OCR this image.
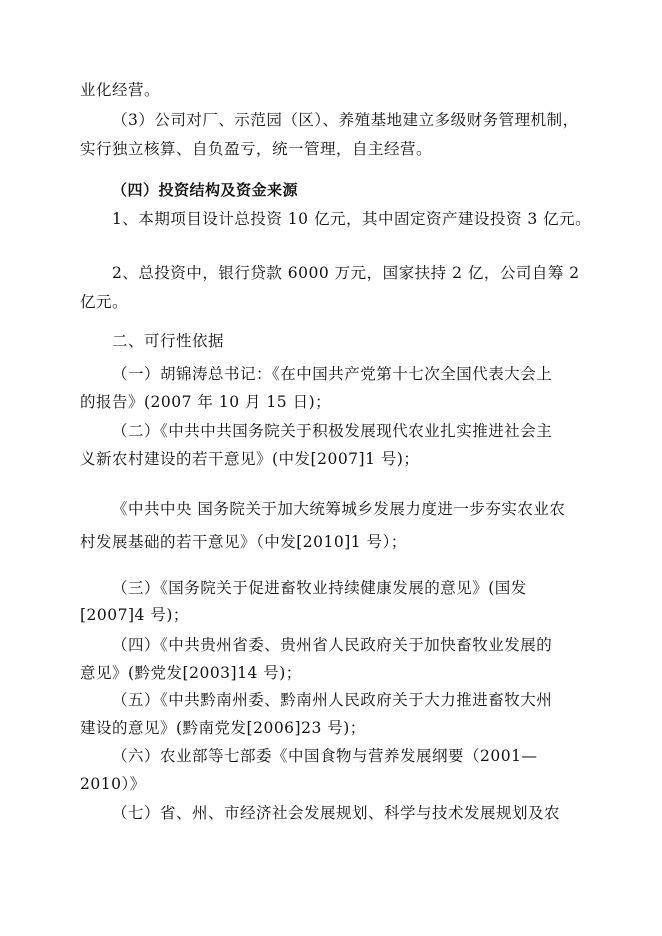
业化经营。
（3）公司对厂、示范园（区）、养殖基地建立多级财务管理机制，
实行独立核算、自负盈亏，统一管理，自主经营。
（四）投资结构及资金来源
1、本期项目设计总投资 10 亿元，其中固定资产建设投资 3 亿元。
2、总投资中，银行贷款 6000 万元，国家扶持 2 亿，公司自筹 2
亿元。
二、可行性依据
（一）胡锦涛总书记：《在中国共产党第十七次全国代表大会上
的报告》(2007 年 10 月 15 日)；
（二）《中共中共国务院关于积极发展现代农业扎实推进社会主
义新农村建设的若干意见》(中发[2007]1 号)；
《中共中央 国务院关于加大统筹城乡发展力度进一步夯实农业农
村发展基础的若干意见》（中发[2010]1 号）；
（三）《国务院关于促进畜牧业持续健康发展的意见》(国发
[2007]4 号)；
（四）《中共贵州省委、贵州省人民政府关于加快畜牧业发展的
意见》(黔党发[2003]14 号)；
（五）《中共黔南州委、黔南州人民政府关于大力推进畜牧大州
建设的意见》(黔南党发[2006]23 号)；
（六）农业部等七部委《中国食物与营养发展纲要（2001—
2010）》
（七）省、州、市经济社会发展规划、科学与技术发展规划及农
